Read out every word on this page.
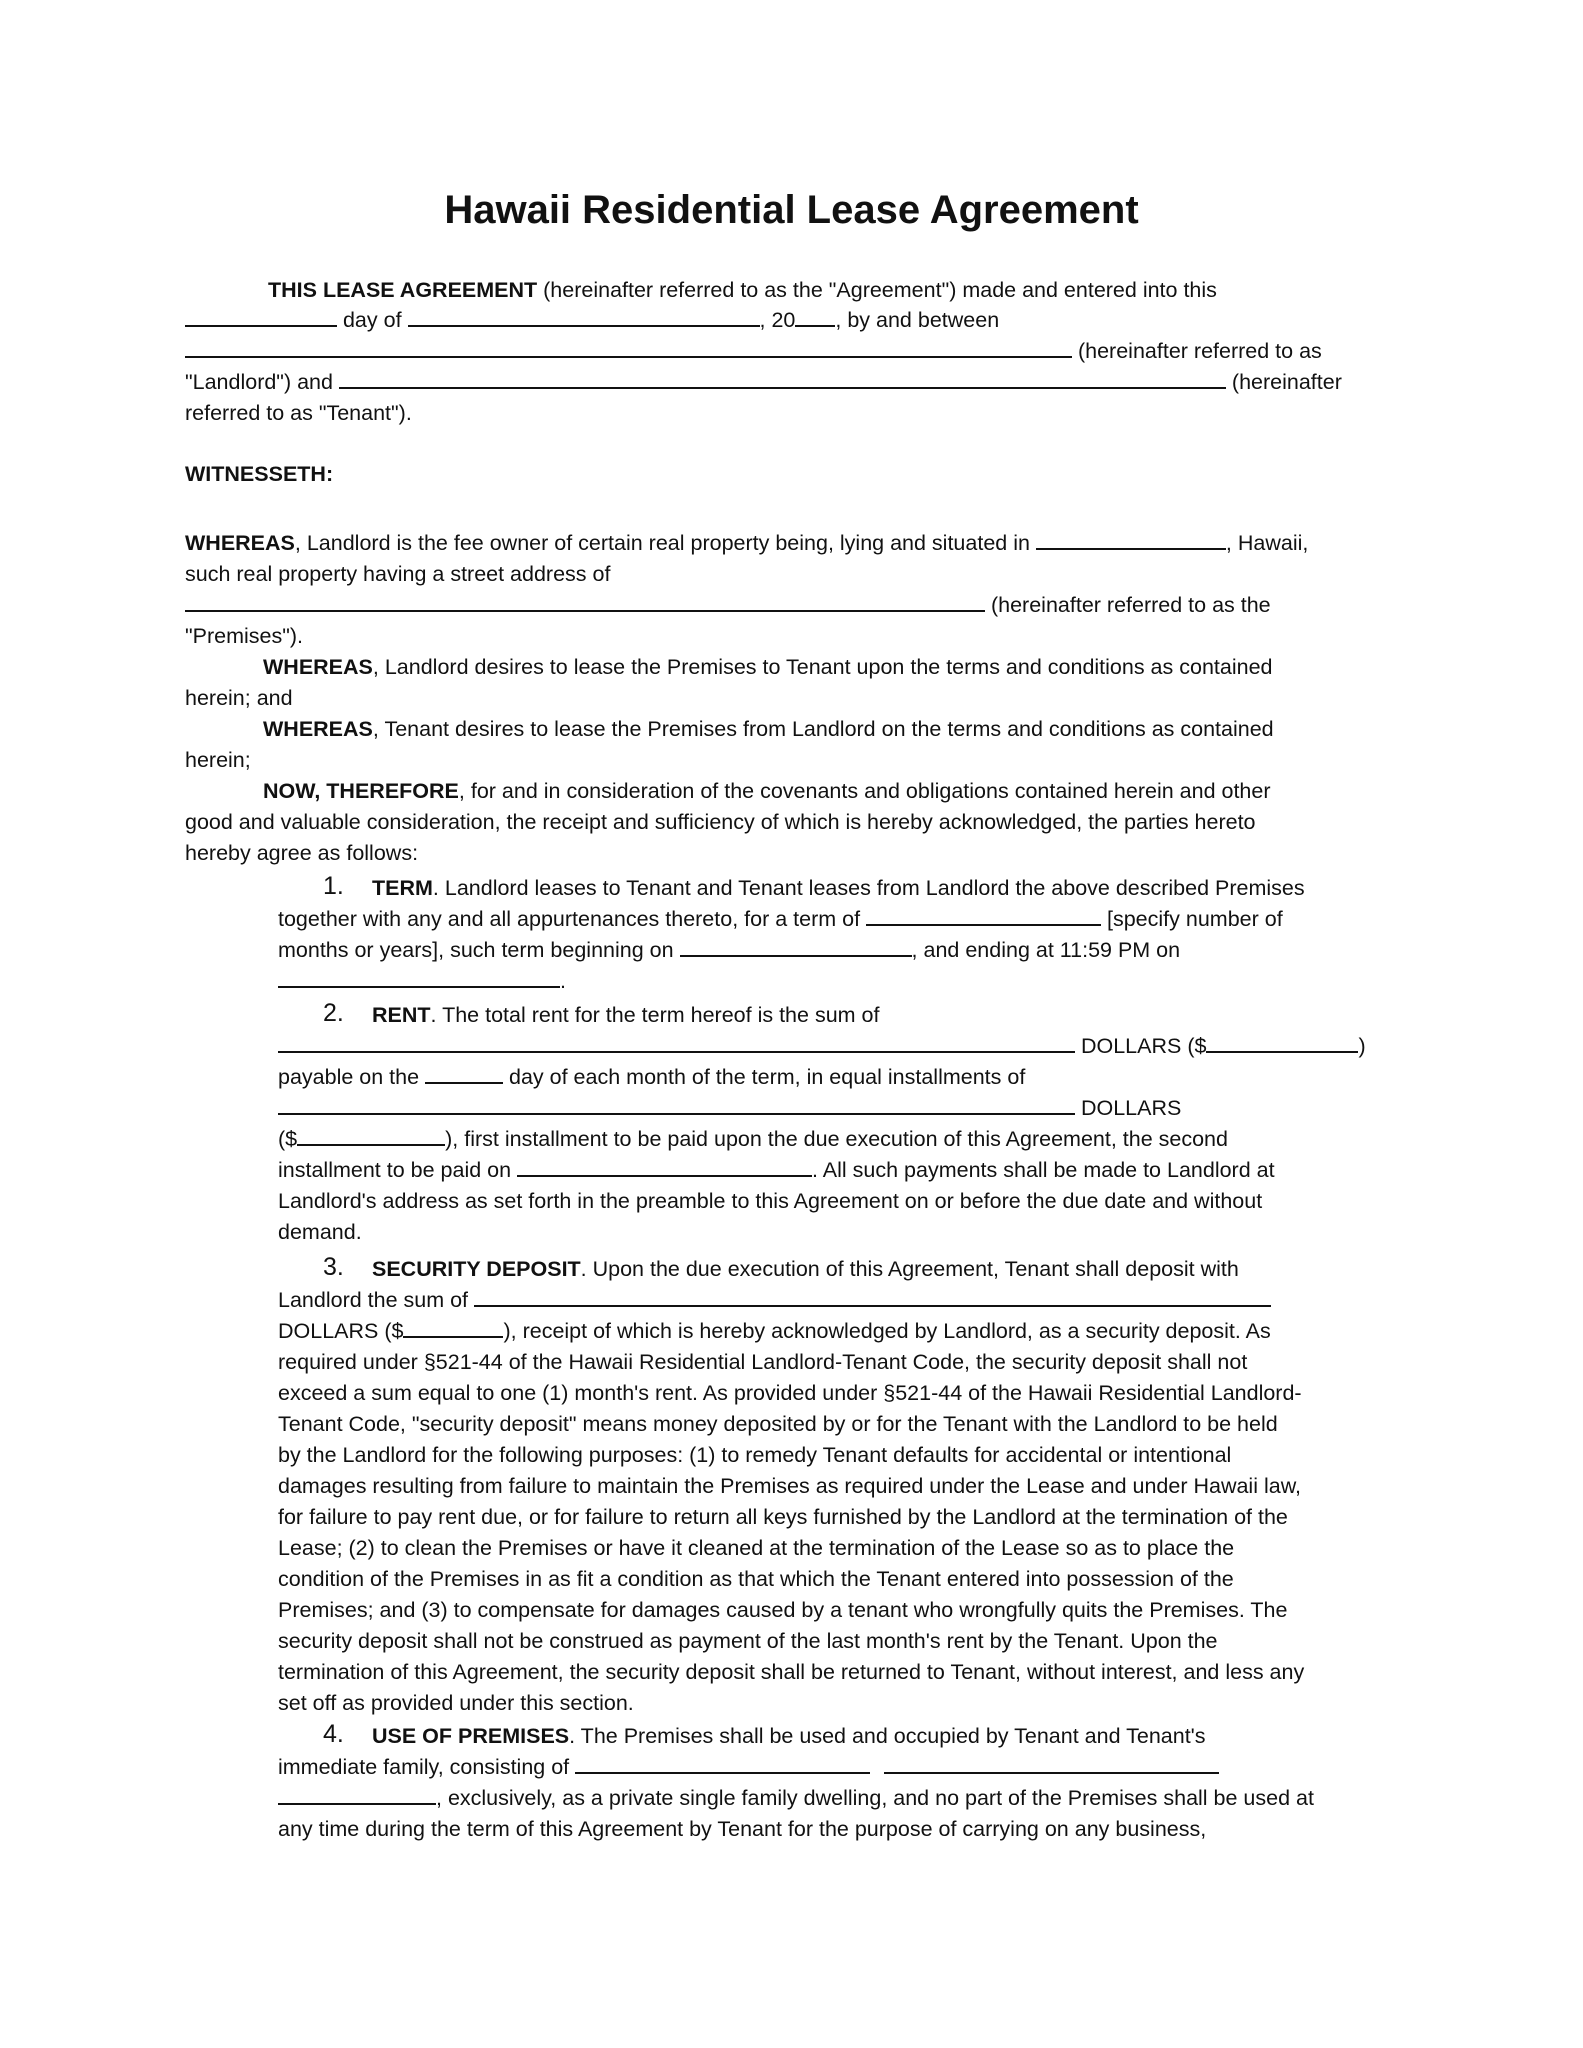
Hawaii Residential Lease Agreement
THIS LEASE AGREEMENT (hereinafter referred to as the "Agreement") made and entered into this
day of	, 20 , by and between
(hereinafter referred to as
"Landlord") and	(hereinafter
referred to as "Tenant").
WITNESSETH:
WHEREAS, Landlord is the fee owner of certain real property being, lying and situated in	, Hawaii,
such real property having a street address of
(hereinafter referred to as the
"Premises").
WHEREAS, Landlord desires to lease the Premises to Tenant upon the terms and conditions as contained
herein; and
WHEREAS, Tenant desires to lease the Premises from Landlord on the terms and conditions as contained
herein;
NOW, THEREFORE, for and in consideration of the covenants and obligations contained herein and other
good and valuable consideration, the receipt and sufficiency of which is hereby acknowledged, the parties hereto
hereby agree as follows:
1. TERM. Landlord leases to Tenant and Tenant leases from Landlord the above described Premises
together with any and all appurtenances thereto, for a term of	[specify number of
months or years], such term beginning on	, and ending at 11:59 PM on
.
2. RENT. The total rent for the term hereof is the sum of
DOLLARS ($	)
payable on the	day of each month of the term, in equal installments of
DOLLARS
($	), first installment to be paid upon the due execution of this Agreement, the second
installment to be paid on	. All such payments shall be made to Landlord at
Landlord's address as set forth in the preamble to this Agreement on or before the due date and without
demand.
3. SECURITY DEPOSIT. Upon the due execution of this Agreement, Tenant shall deposit with
Landlord the sum of
DOLLARS ($	), receipt of which is hereby acknowledged by Landlord, as a security deposit. As
required under §521-44 of the Hawaii Residential Landlord-Tenant Code, the security deposit shall not
exceed a sum equal to one (1) month's rent. As provided under §521-44 of the Hawaii Residential Landlord-
Tenant Code, "security deposit" means money deposited by or for the Tenant with the Landlord to be held
by the Landlord for the following purposes: (1) to remedy Tenant defaults for accidental or intentional
damages resulting from failure to maintain the Premises as required under the Lease and under Hawaii law,
for failure to pay rent due, or for failure to return all keys furnished by the Landlord at the termination of the
Lease; (2) to clean the Premises or have it cleaned at the termination of the Lease so as to place the
condition of the Premises in as fit a condition as that which the Tenant entered into possession of the
Premises; and (3) to compensate for damages caused by a tenant who wrongfully quits the Premises. The
security deposit shall not be construed as payment of the last month's rent by the Tenant. Upon the
termination of this Agreement, the security deposit shall be returned to Tenant, without interest, and less any
set off as provided under this section.
4. USE OF PREMISES. The Premises shall be used and occupied by Tenant and Tenant's
immediate family, consisting of
, exclusively, as a private single family dwelling, and no part of the Premises shall be used at
any time during the term of this Agreement by Tenant for the purpose of carrying on any business,
